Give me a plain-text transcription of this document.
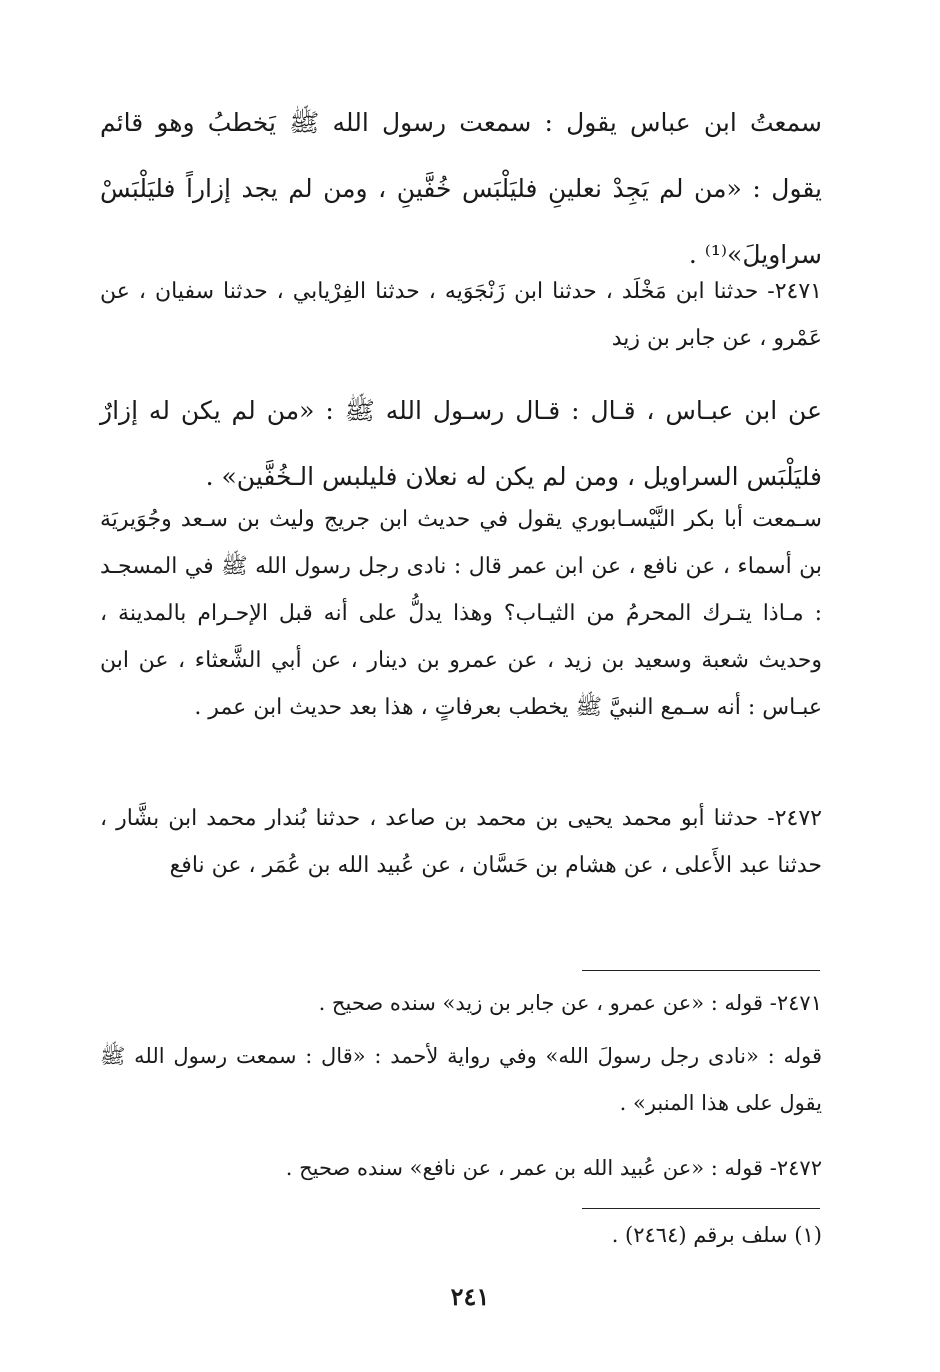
سمعتُ ابن عباس يقول : سمعت رسول الله ﷺ يَخطبُ وهو قائم يقول : «من لم يَجِدْ نعلينِ فليَلْبَس خُفَّينِ ، ومن لم يجد إزاراً فليَلْبَسْ سراويلَ»⁽¹⁾ .

٢٤٧١- حدثنا ابن مَخْلَد ، حدثنا ابن زَنْجَوَيه ، حدثنا الفِرْيابي ، حدثنا سفيان ، عن عَمْرو ، عن جابر بن زيد

عن ابن عبـاس ، قـال : قـال رسـول الله ﷺ : «من لم يكن له إزارٌ فليَلْبَس السراويل ، ومن لم يكن له نعلان فليلبس الـخُفَّين» .

سـمعت أبا بكر النَّيْسـابوري يقول في حديث ابن جريج وليث بن سـعد وجُوَيريَة بن أسماء ، عن نافع ، عن ابن عمر قال : نادى رجل رسول الله ﷺ في المسجـد : مـاذا يتـرك المحرمُ من الثيـاب؟ وهذا يدلُّ على أنه قبل الإحـرام بالمدينة ، وحديث شعبة وسعيد بن زيد ، عن عمرو بن دينار ، عن أبي الشَّعثاء ، عن ابن عبـاس : أنه سـمع النبيَّ ﷺ يخطب بعرفاتٍ ، هذا بعد حديث ابن عمر .

٢٤٧٢- حدثنا أبو محمد يحيى بن محمد بن صاعد ، حدثنا بُندار محمد ابن بشَّار ، حدثنا عبد الأَعلى ، عن هشام بن حَسَّان ، عن عُبيد الله بن عُمَر ، عن نافع

٢٤٧١- قوله : «عن عمرو ، عن جابر بن زيد» سنده صحيح .

قوله : «نادى رجل رسولَ الله» وفي رواية لأحمد : «قال : سمعت رسول الله ﷺ يقول على هذا المنبر» .

٢٤٧٢- قوله : «عن عُبيد الله بن عمر ، عن نافع» سنده صحيح .

(١) سلف برقم (٢٤٦٤) .

٢٤١
